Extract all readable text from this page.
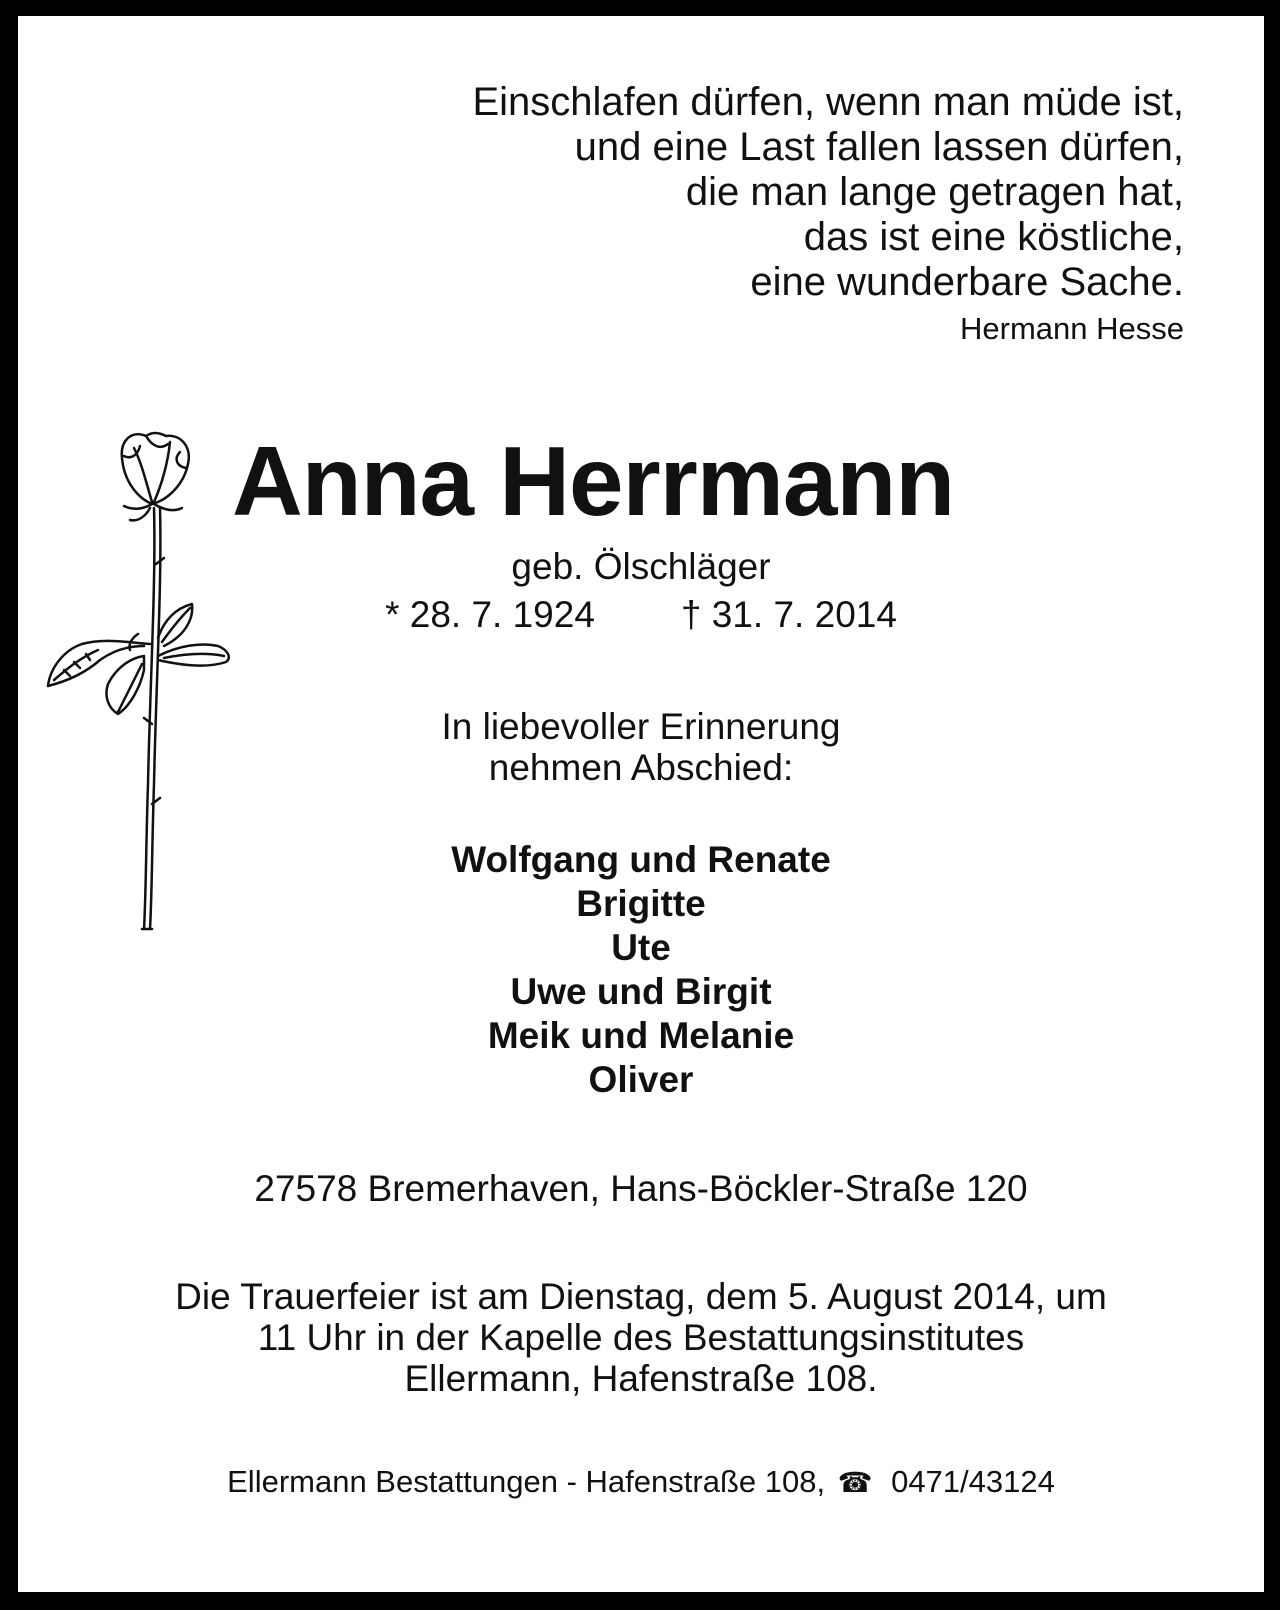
Einschlafen dürfen, wenn man müde ist,
und eine Last fallen lassen dürfen,
die man lange getragen hat,
das ist eine köstliche,
eine wunderbare Sache.
Hermann Hesse
Anna Herrmann
geb. Ölschläger
* 28. 7. 1924 † 31. 7. 2014
In liebevoller Erinnerung
nehmen Abschied:
Wolfgang und Renate
Brigitte
Ute
Uwe und Birgit
Meik und Melanie
Oliver
27578 Bremerhaven, Hans-Böckler-Straße 120
Die Trauerfeier ist am Dienstag, dem 5. August 2014, um
11 Uhr in der Kapelle des Bestattungsinstitutes
Ellermann, Hafenstraße 108.
Ellermann Bestattungen - Hafenstraße 108, ☎ 0471/43124
